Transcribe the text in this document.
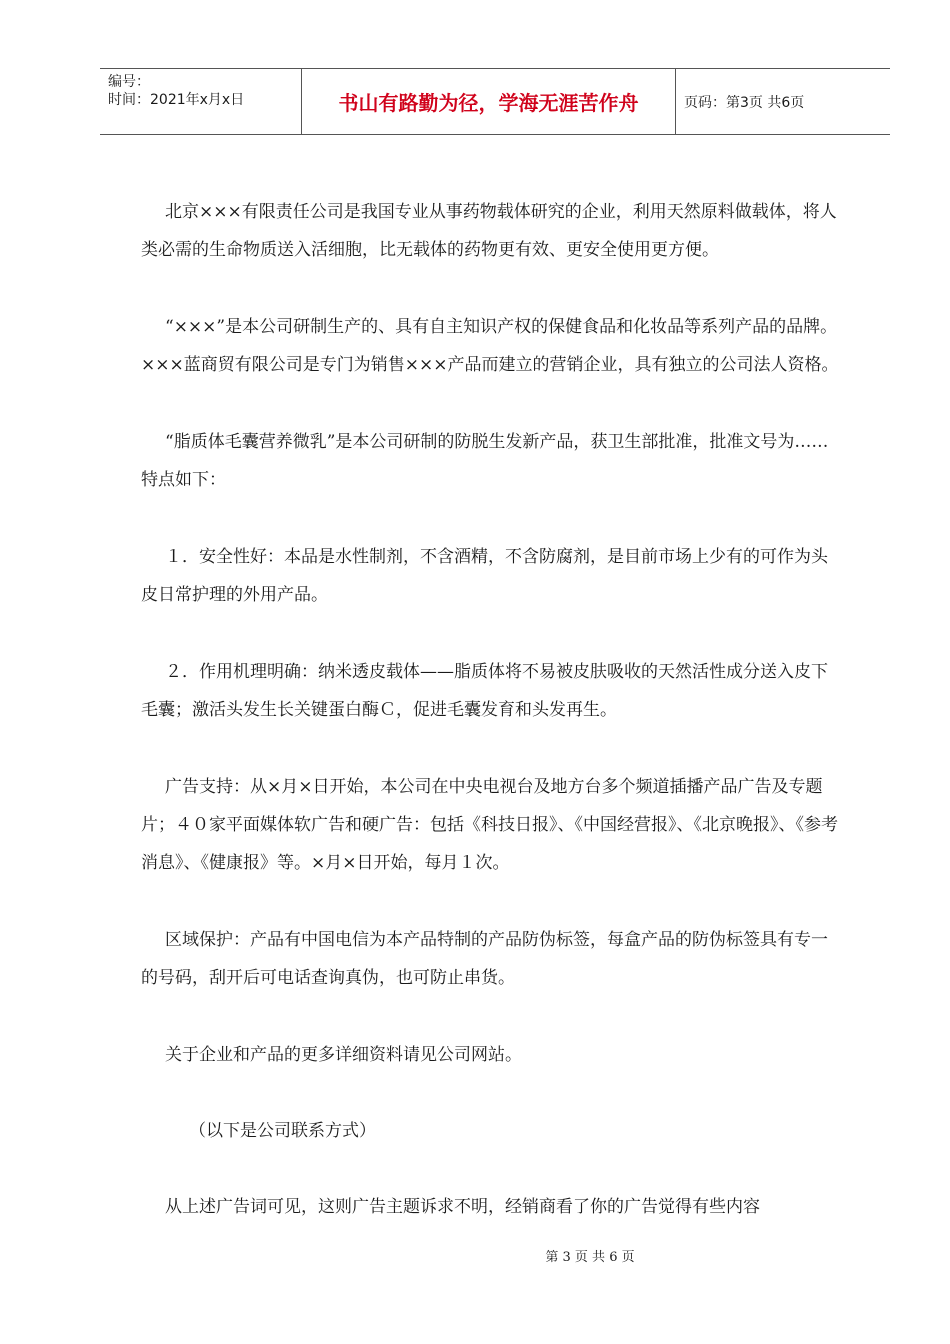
编号：
时间：2021年x月x日	书山有路勤为径，学海无涯苦作舟	页码：第3页 共6页

北京×××有限责任公司是我国专业从事药物载体研究的企业，利用天然原料做载体，将人类必需的生命物质送入活细胞，比无载体的药物更有效、更安全使用更方便。

“×××”是本公司研制生产的、具有自主知识产权的保健食品和化妆品等系列产品的品牌。×××蓝商贸有限公司是专门为销售×××产品而建立的营销企业，具有独立的公司法人资格。

“脂质体毛囊营养微乳”是本公司研制的防脱生发新产品，获卫生部批准，批准文号为……特点如下：

１．安全性好：本品是水性制剂，不含酒精，不含防腐剂，是目前市场上少有的可作为头皮日常护理的外用产品。

２．作用机理明确：纳米透皮载体——脂质体将不易被皮肤吸收的天然活性成分送入皮下毛囊；激活头发生长关键蛋白酶Ｃ，促进毛囊发育和头发再生。

广告支持：从×月×日开始，本公司在中央电视台及地方台多个频道插播产品广告及专题片；４０家平面媒体软广告和硬广告：包括《科技日报》、《中国经营报》、《北京晚报》、《参考消息》、《健康报》等。×月×日开始，每月１次。

区域保护：产品有中国电信为本产品特制的产品防伪标签，每盒产品的防伪标签具有专一的号码，刮开后可电话查询真伪，也可防止串货。

关于企业和产品的更多详细资料请见公司网站。

（以下是公司联系方式）

从上述广告词可见，这则广告主题诉求不明，经销商看了你的广告觉得有些内容

第 3 页 共 6 页
